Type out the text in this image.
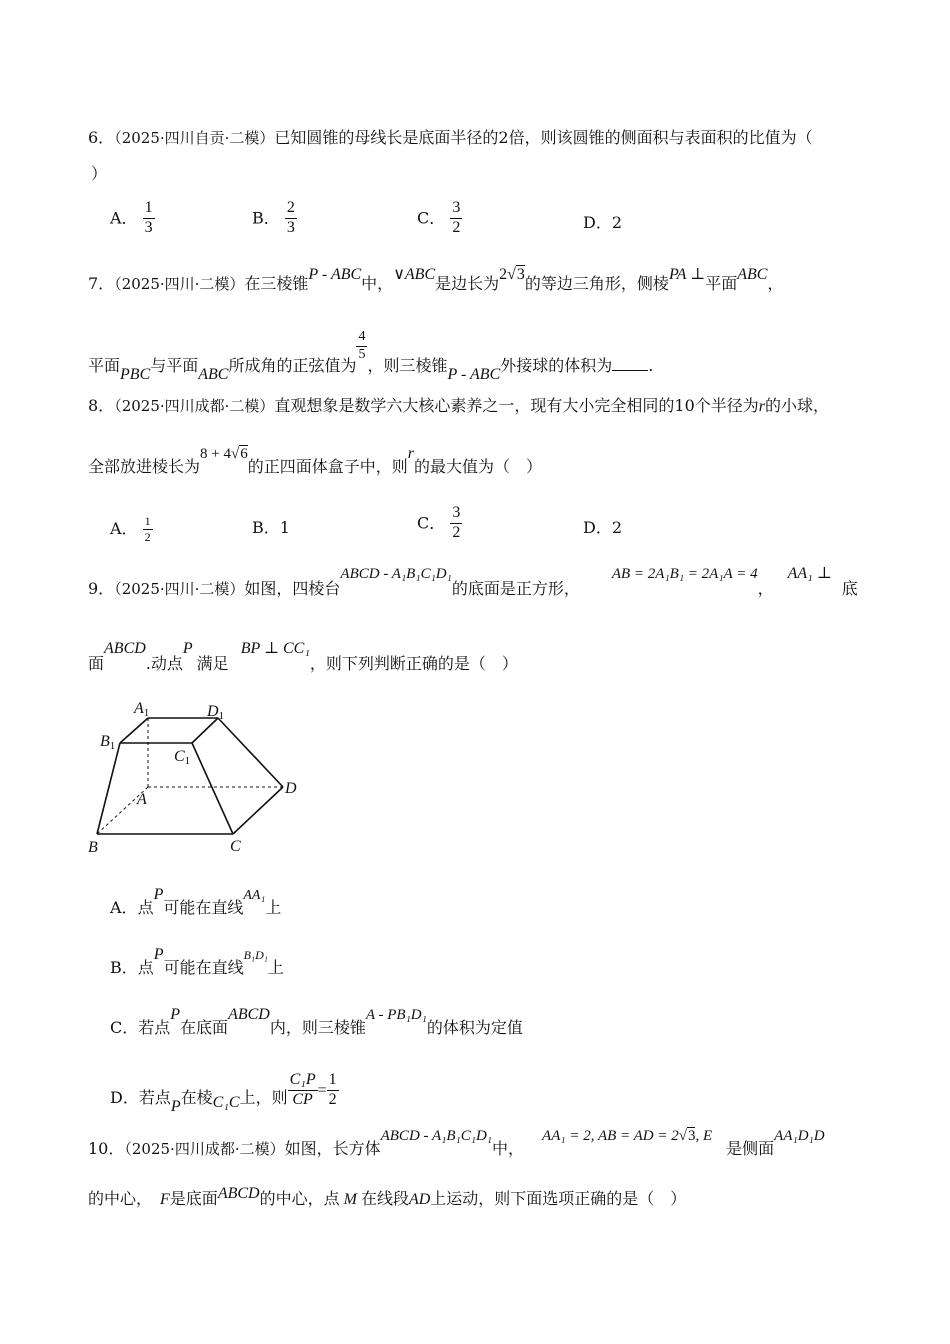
6．（2025·四川自贡·二模）已知圆锥的母线长是底面半径的2倍，则该圆锥的侧面积与表面积的比值为（
）
A． $\frac{1}{3}$	B． $\frac{2}{3}$	C． $\frac{3}{2}$	D．2
7．（2025·四川·二模）在三棱锥P - ABC中，∨ABC是边长为2√3的等边三角形，侧棱PA ⊥平面ABC，
平面PBC与平面ABC所成角的正弦值为
$\frac{4}{5}$
，则三棱锥P - ABC外接球的体积为 .
8．（2025·四川成都·二模）直观想象是数学六大核心素养之一，现有大小完全相同的10个半径为r的小球，
全部放进棱长为8 + 4√6的正四面体盒子中，则r的最大值为（　）
A． $\frac{1}{2}$	B．1	C． $\frac{3}{2}$	D．2
9．（2025·四川·二模）如图，四棱台ABCD - A₁B₁C₁D₁的底面是正方形，AB = 2A₁B₁ = 2A₁A = 4，AA₁ ⊥底
面ABCD.动点P满足BP ⊥ CC₁，则下列判断正确的是（　）
A1	D1
B1
C1
A
D
B	C
A．点P可能在直线AA₁上
B．点P可能在直线B₁D₁上
C．若点P在底面ABCD内，则三棱锥A - PB₁D₁的体积为定值
D．若点P在棱C₁C上，则 $\frac{\text{C₁P}}{CP} = \frac{1}{2}$
10．（2025·四川成都·二模）如图，长方体ABCD - A₁B₁C₁D₁中，AA₁ = 2, AB = AD = 2√3, E是侧面AA₁D₁D
的中心， F是底面ABCD的中心，点 M 在线段AD上运动，则下面选项正确的是（　）
